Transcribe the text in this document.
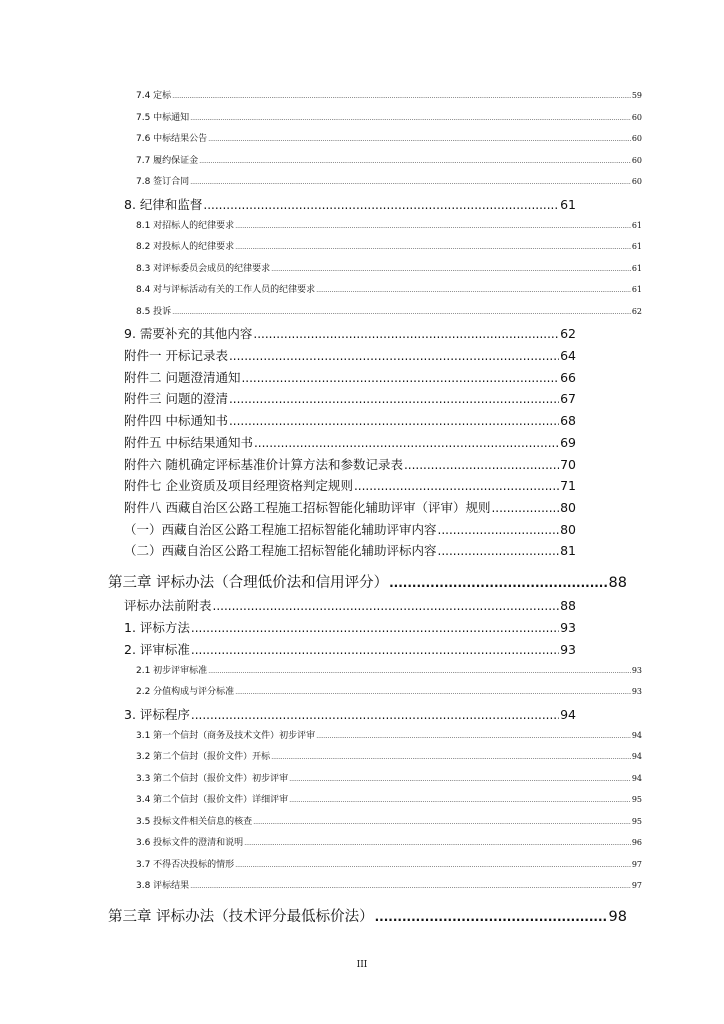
7.4 定标 .....	59
7.5 中标通知 .....	60
7.6 中标结果公告 .....	60
7.7 履约保证金 .....	60
7.8 签订合同 .....	60
8. 纪律和监督 .....	61
8.1 对招标人的纪律要求 .....	61
8.2 对投标人的纪律要求 .....	61
8.3 对评标委员会成员的纪律要求 .....	61
8.4 对与评标活动有关的工作人员的纪律要求 .....	61
8.5 投诉 .....	62
9. 需要补充的其他内容 .....	62
附件一 开标记录表 .....	64
附件二 问题澄清通知 .....	66
附件三 问题的澄清 .....	67
附件四 中标通知书 .....	68
附件五 中标结果通知书 .....	69
附件六 随机确定评标基准价计算方法和参数记录表 .....	70
附件七 企业资质及项目经理资格判定规则 .....	71
附件八 西藏自治区公路工程施工招标智能化辅助评审（评审）规则 .....	80
（一）西藏自治区公路工程施工招标智能化辅助评审内容 .....	80
（二）西藏自治区公路工程施工招标智能化辅助评标内容 .....	81
第三章 评标办法（合理低价法和信用评分） .....	88
评标办法前附表 .....	88
1. 评标方法 .....	93
2. 评审标准 .....	93
2.1 初步评审标准 .....	93
2.2 分值构成与评分标准 .....	93
3. 评标程序 .....	94
3.1 第一个信封（商务及技术文件）初步评审 .....	94
3.2 第二个信封（报价文件）开标 .....	94
3.3 第二个信封（报价文件）初步评审 .....	94
3.4 第二个信封（报价文件）详细评审 .....	95
3.5 投标文件相关信息的核查 .....	95
3.6 投标文件的澄清和说明 .....	96
3.7 不得否决投标的情形 .....	97
3.8 评标结果 .....	97
第三章 评标办法（技术评分最低标价法） .....	98
III
